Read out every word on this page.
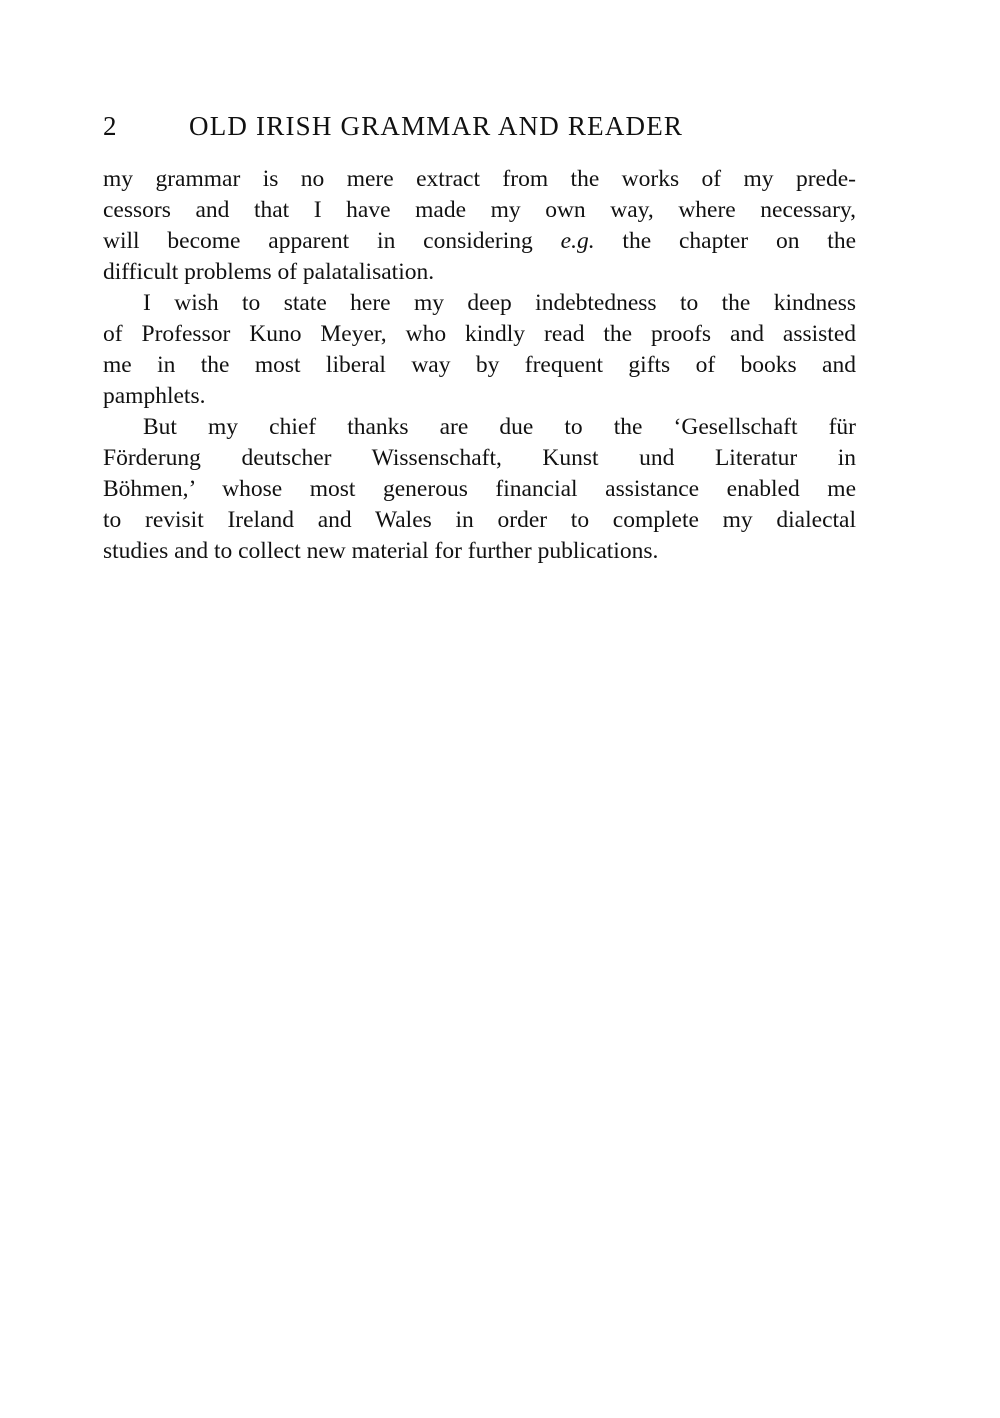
2	OLD IRISH GRAMMAR AND READER
my grammar is no mere extract from the works of my prede-
cessors and that I have made my own way, where necessary,
will become apparent in considering e.g. the chapter on the
difficult problems of palatalisation.
I wish to state here my deep indebtedness to the kindness
of Professor Kuno Meyer, who kindly read the proofs and assisted
me in the most liberal way by frequent gifts of books and
pamphlets.
But my chief thanks are due to the ‘Gesellschaft für
Förderung deutscher Wissenschaft, Kunst und Literatur in
Böhmen,’ whose most generous financial assistance enabled me
to revisit Ireland and Wales in order to complete my dialectal
studies and to collect new material for further publications.
